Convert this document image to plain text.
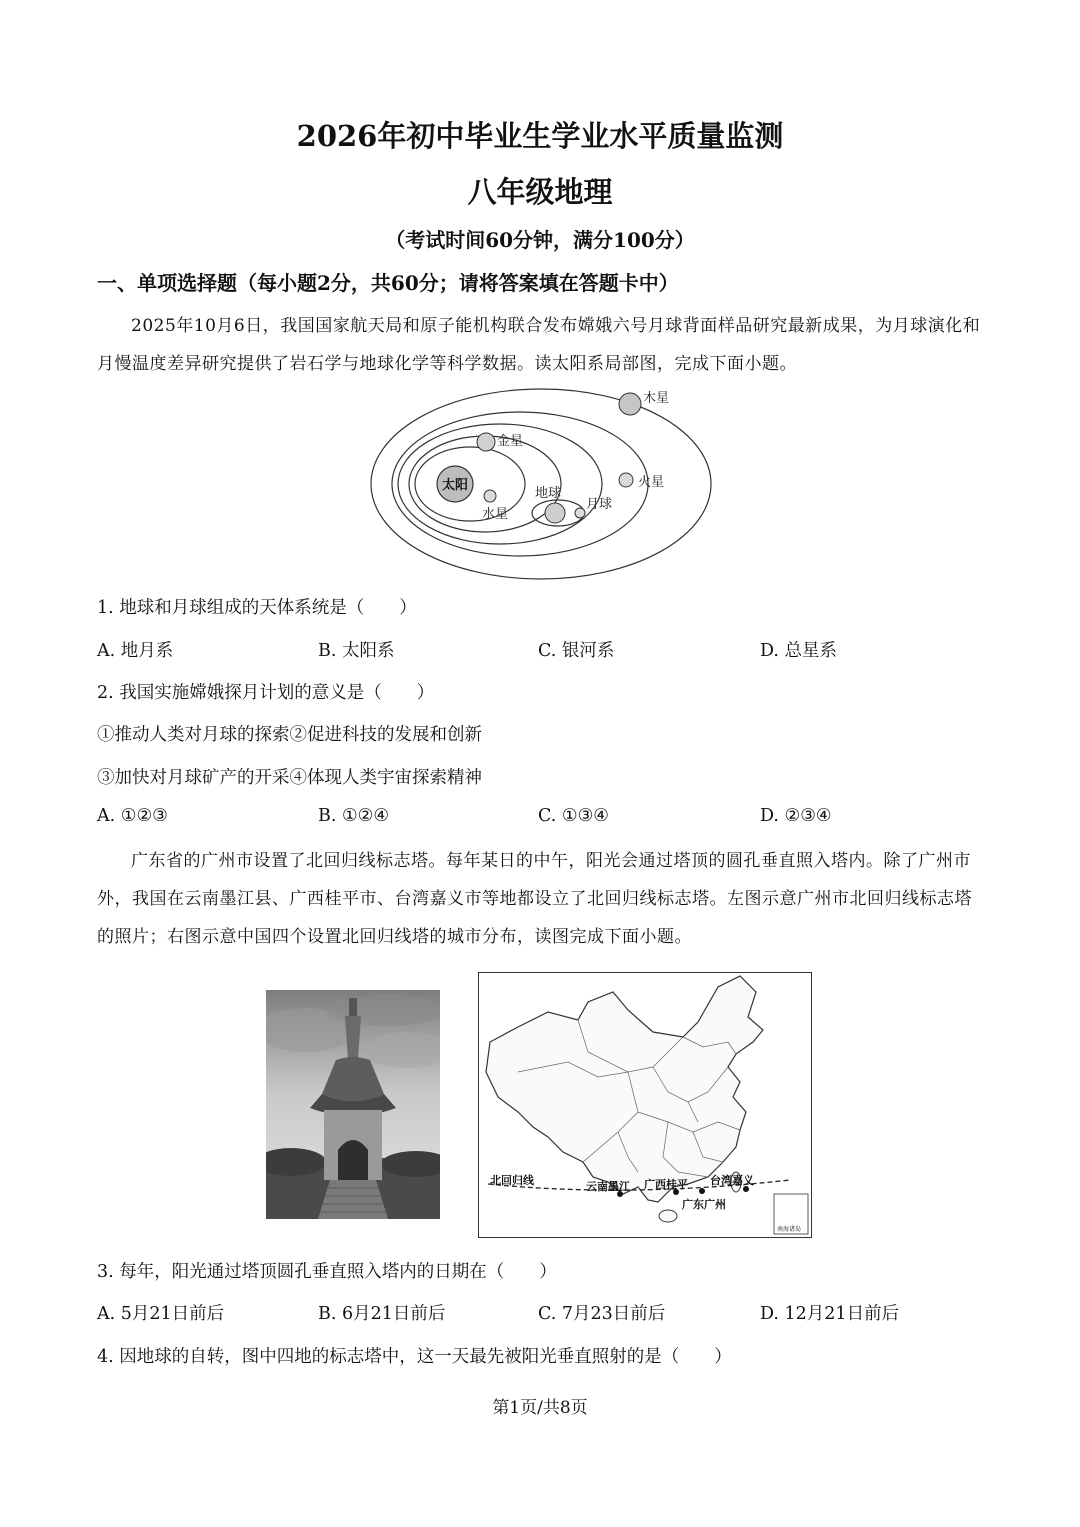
2026年初中毕业生学业水平质量监测
八年级地理
（考试时间60分钟，满分100分）
一、单项选择题（每小题2分，共60分；请将答案填在答题卡中）
2025年10月6日，我国国家航天局和原子能机构联合发布嫦娥六号月球背面样品研究最新成果，为月球演化和月慢温度差异研究提供了岩石学与地球化学等科学数据。读太阳系局部图，完成下面小题。
太阳
水星
金星
地球
月球
火星
木星
1. 地球和月球组成的天体系统是（　　）
A. 地月系	B. 太阳系	C. 银河系	D. 总星系
2. 我国实施嫦娥探月计划的意义是（　　）
①推动人类对月球的探索②促进科技的发展和创新
③加快对月球矿产的开采④体现人类宇宙探索精神
A. ①②③	B. ①②④	C. ①③④	D. ②③④
广东省的广州市设置了北回归线标志塔。每年某日的中午，阳光会通过塔顶的圆孔垂直照入塔内。除了广州市外，我国在云南墨江县、广西桂平市、台湾嘉义市等地都设立了北回归线标志塔。左图示意广州市北回归线标志塔的照片；右图示意中国四个设置北回归线塔的城市分布，读图完成下面小题。
北回归线	云南墨江 广西桂平 台湾嘉义
广东广州
南海诸岛
3. 每年，阳光通过塔顶圆孔垂直照入塔内的日期在（　　）
A. 5月21日前后	B. 6月21日前后	C. 7月23日前后	D. 12月21日前后
4. 因地球的自转，图中四地的标志塔中，这一天最先被阳光垂直照射的是（　　）
第1页/共8页
